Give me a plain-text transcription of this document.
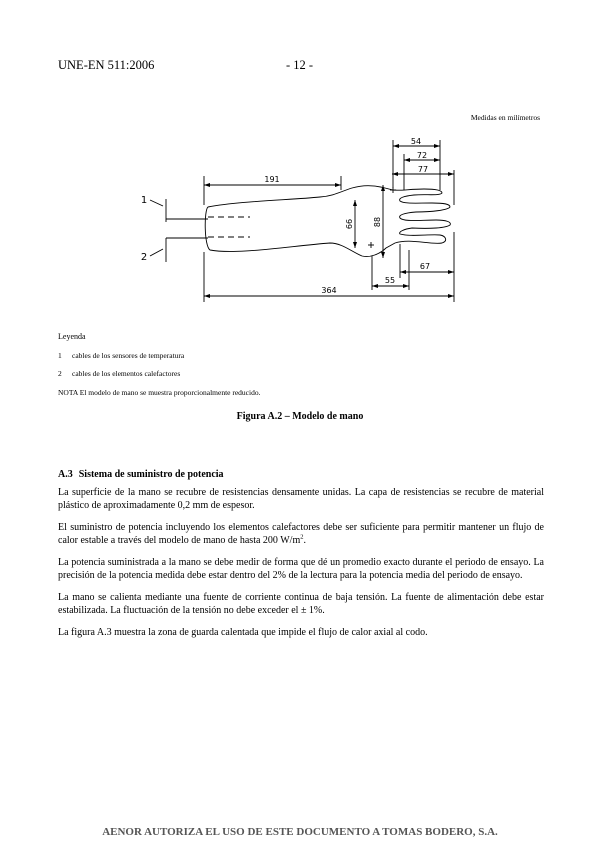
UNE-EN 511:2006	- 12 -
Medidas en milímetros
191
364
54
72
77
66 88
67
55
1
2
Leyenda
1 cables de los sensores de temperatura
2 cables de los elementos calefactores
NOTA El modelo de mano se muestra proporcionalmente reducido.
Figura A.2 – Modelo de mano
A.3 Sistema de suministro de potencia
La superficie de la mano se recubre de resistencias densamente unidas. La capa de resistencias se recubre de material plástico de aproximadamente 0,2 mm de espesor.
El suministro de potencia incluyendo los elementos calefactores debe ser suficiente para permitir mantener un flujo de calor estable a través del modelo de mano de hasta 200 $W/m^2$.
La potencia suministrada a la mano se debe medir de forma que dé un promedio exacto durante el periodo de ensayo. La precisión de la potencia medida debe estar dentro del 2% de la lectura para la potencia media del periodo de ensayo.
La mano se calienta mediante una fuente de corriente continua de baja tensión. La fuente de alimentación debe estar estabilizada. La fluctuación de la tensión no debe exceder el ± 1%.
La figura A.3 muestra la zona de guarda calentada que impide el flujo de calor axial al codo.
AENOR AUTORIZA EL USO DE ESTE DOCUMENTO A TOMAS BODERO, S.A.
